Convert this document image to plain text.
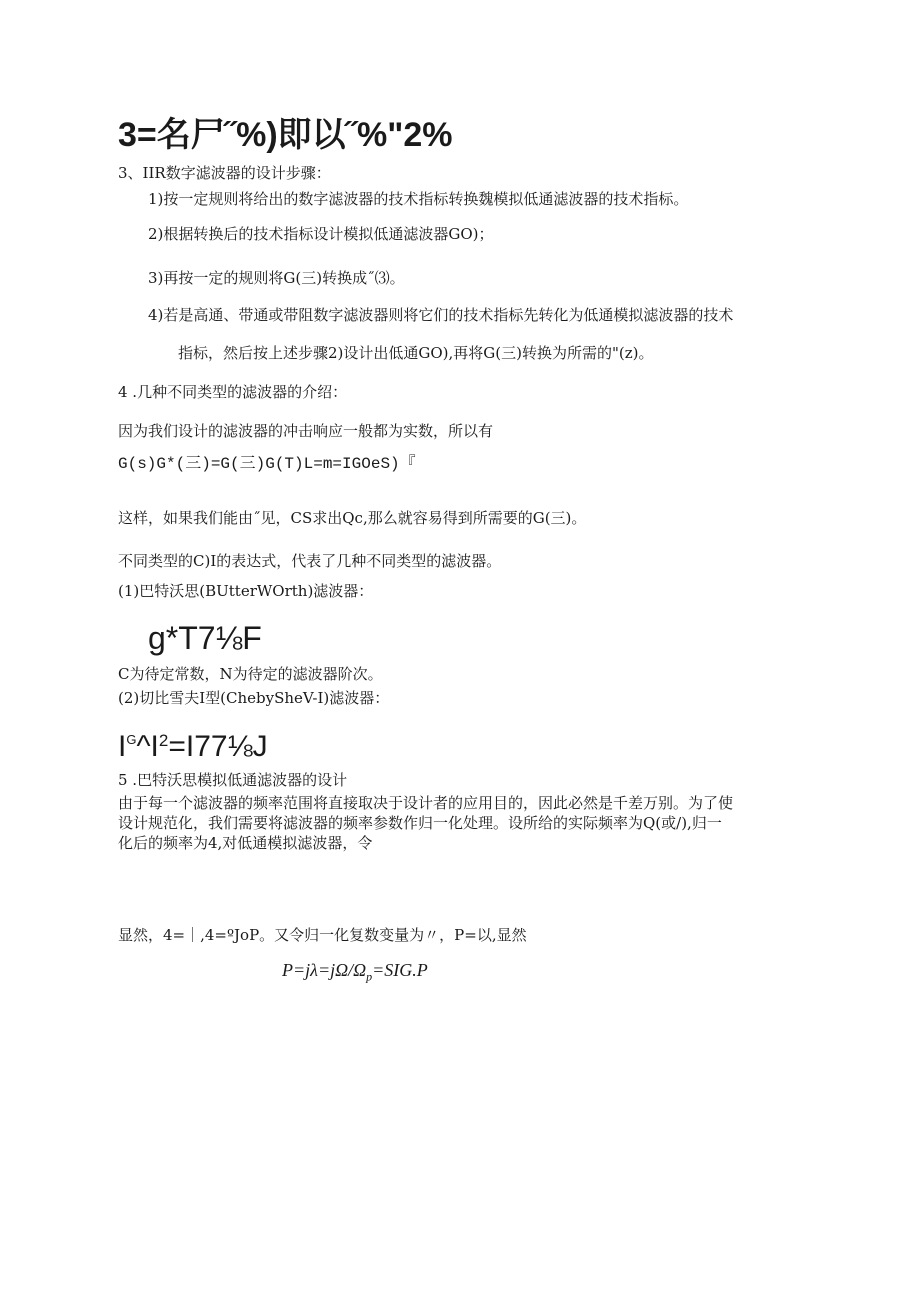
3=名尸˝%)即以˝%"2%
3、IIR数字滤波器的设计步骤：
1)按一定规则将给出的数字滤波器的技术指标转换魏模拟低通滤波器的技术指标。
2)根据转换后的技术指标设计模拟低通滤波器GO)；
3)再按一定的规则将G(三)转换成˝⑶。
4)若是高通、带通或带阻数字滤波器则将它们的技术指标先转化为低通模拟滤波器的技术
指标，然后按上述步骤2)设计出低通GO),再将G(三)转换为所需的"(z)。
4 .几种不同类型的滤波器的介绍：
因为我们设计的滤波器的冲击响应一般都为实数，所以有
G(s)G*(三)=G(三)G(T)L=m=IGOeS)『
这样，如果我们能由˝见，CS求出Qc,那么就容易得到所需要的G(三)。
不同类型的C)I的表达式，代表了几种不同类型的滤波器。
(1)巴特沃思(BUtterWOrth)滤波器：
g*T7⅛F
C为待定常数，N为待定的滤波器阶次。
(2)切比雪夫I型(ChebySheV-I)滤波器：
$I^G\^{}I^2=I77\frac{1}{8}J$
5 .巴特沃思模拟低通滤波器的设计
由于每一个滤波器的频率范围将直接取决于设计者的应用目的，因此必然是千差万别。为了使
设计规范化，我们需要将滤波器的频率参数作归一化处理。设所给的实际频率为Q(或/),归一
化后的频率为4,对低通模拟滤波器，令
显然，4=｜,4=ºJoP。又令归一化复数变量为〃，P=以,显然
$P=j\lambda=j\Omega/\Omega_p=SIG.P$
